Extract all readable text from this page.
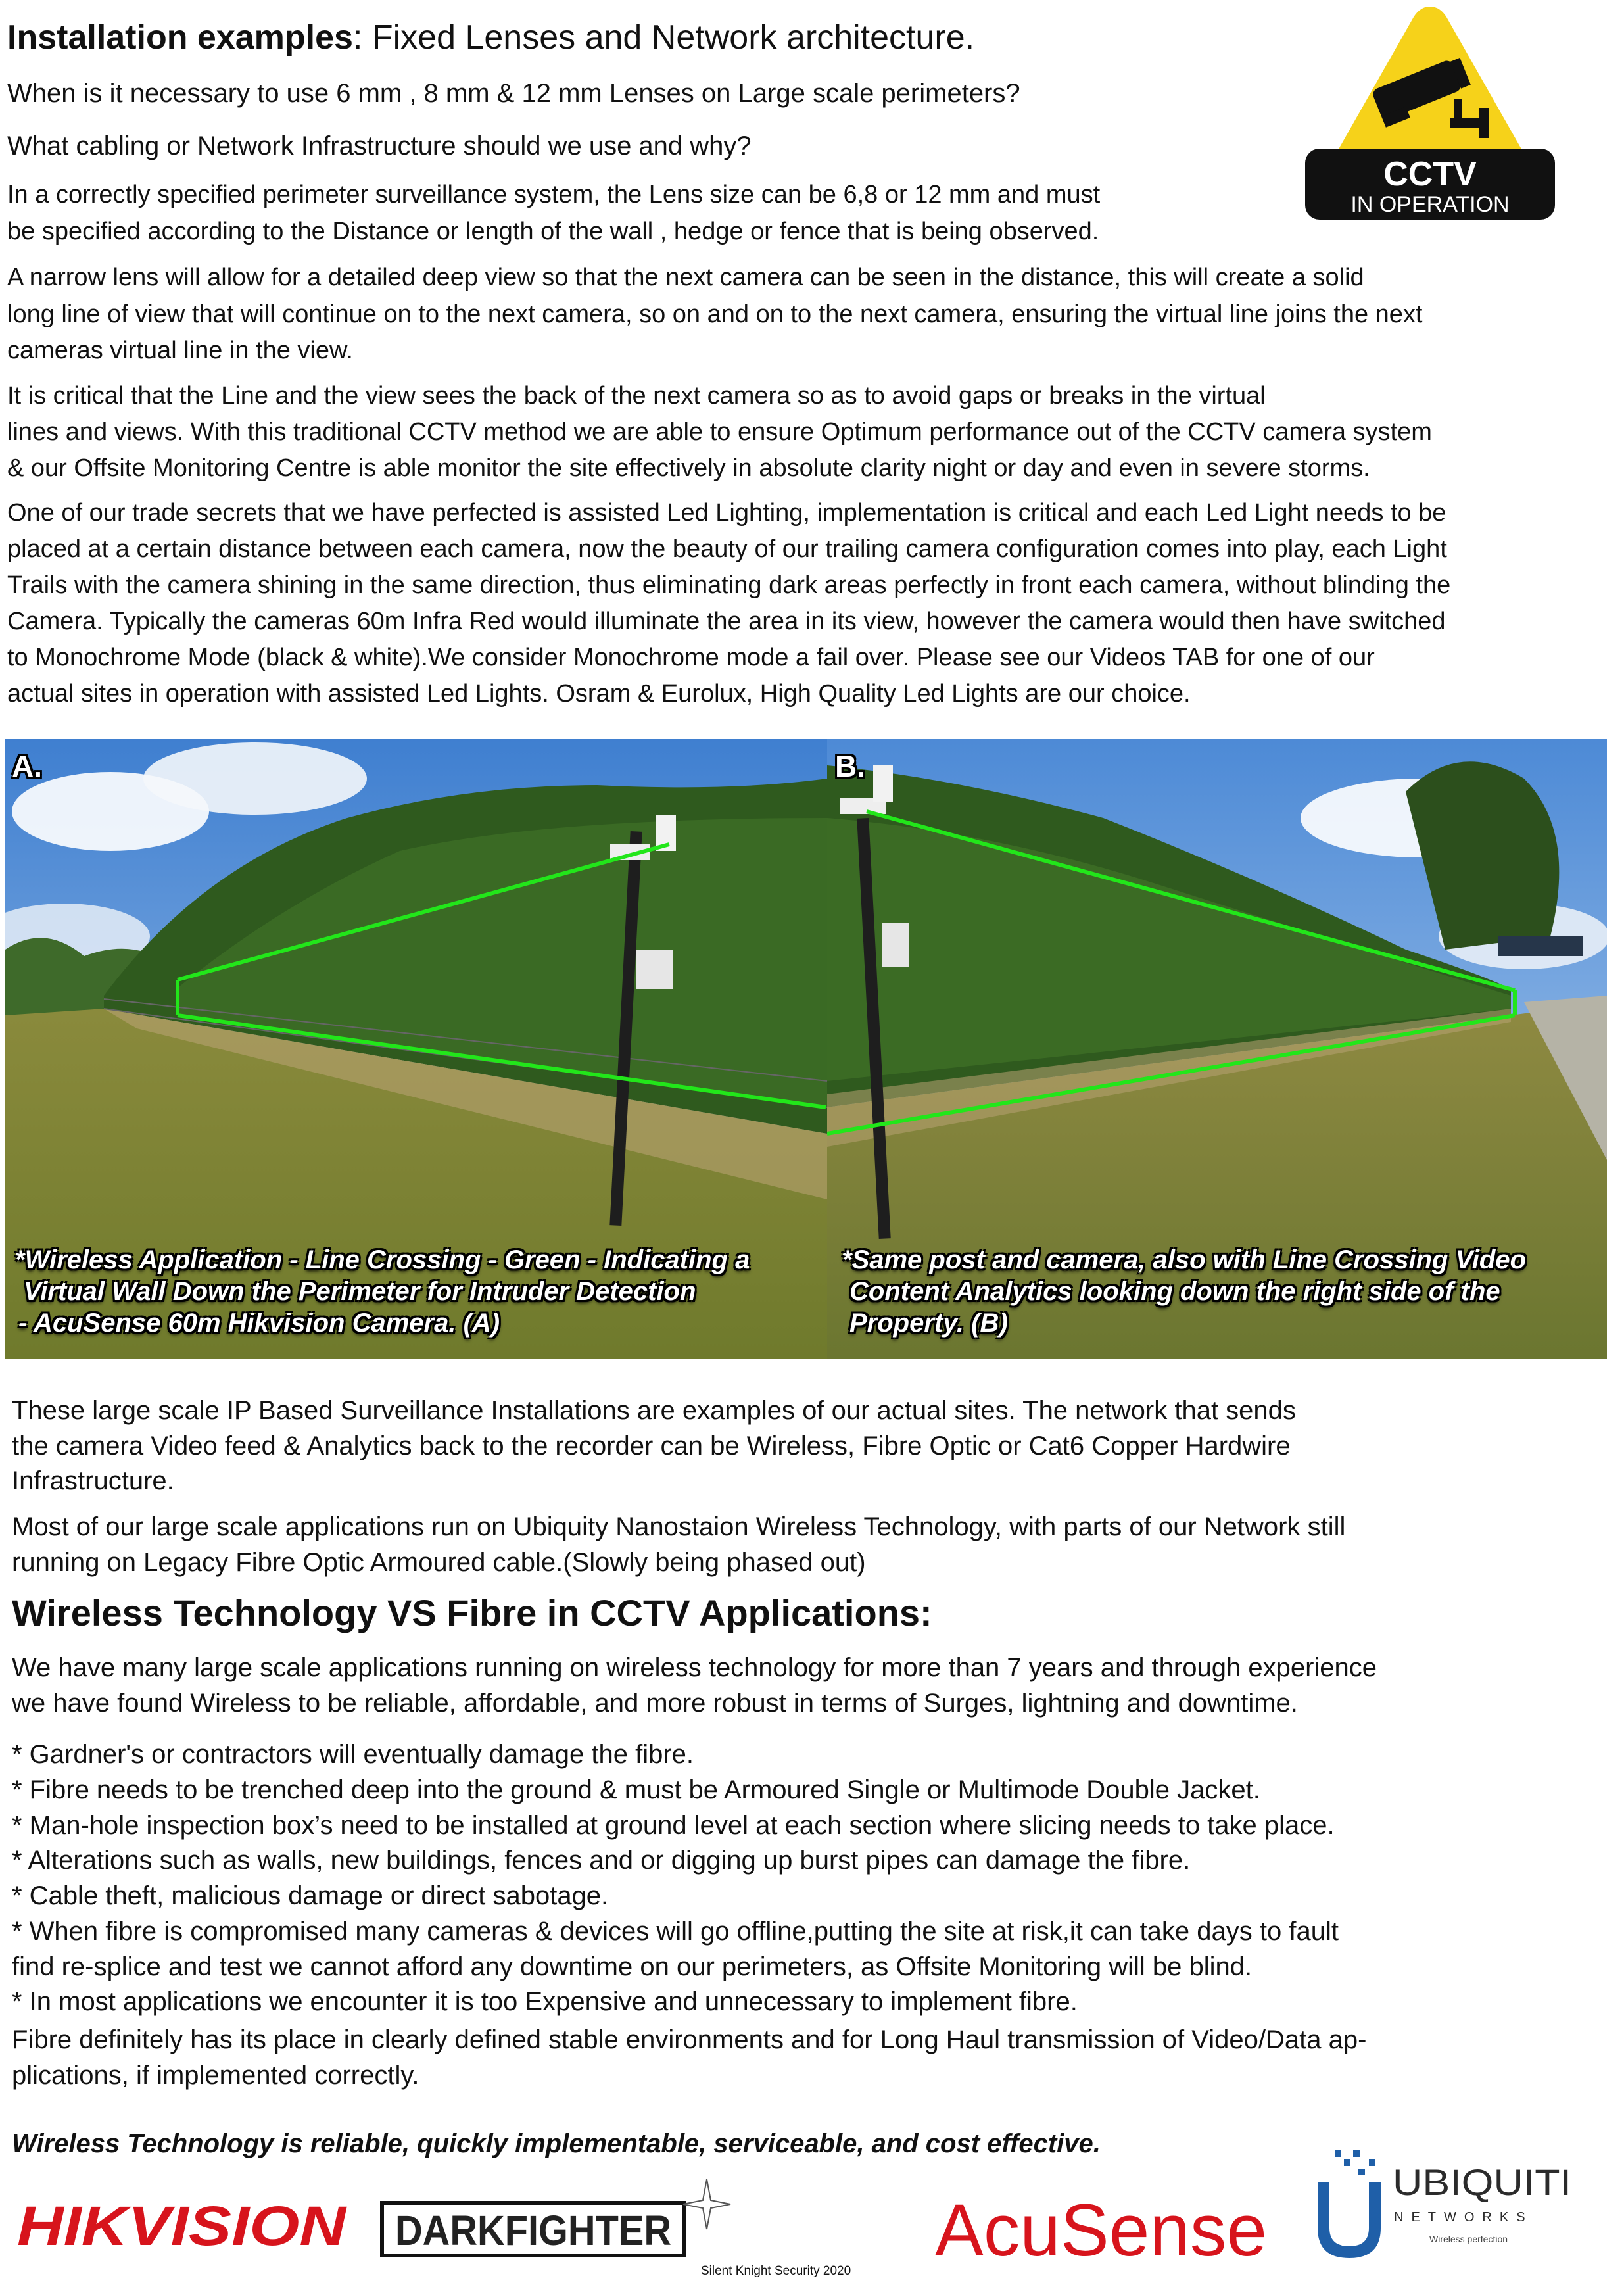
Installation examples: Fixed Lenses and Network architecture.

When is it necessary to use 6 mm , 8 mm & 12 mm Lenses on Large scale perimeters?

What cabling or Network Infrastructure should we use and why?

CCTV
IN OPERATION

In a correctly specified perimeter surveillance system, the Lens size can be 6,8 or 12 mm and must

be specified according to the Distance or length of the wall , hedge or fence that is being observed.

A narrow lens will allow for a detailed deep view so that the next camera can be seen in the distance, this will create a solid

long line of view that will continue on to the next camera, so on and on to the next camera, ensuring the virtual line joins the next

cameras virtual line in the view.

It is critical that the Line and the view sees the back of the next camera so as to avoid gaps or breaks in the virtual

lines and views. With this traditional CCTV method we are able to ensure Optimum performance out of the CCTV camera system

& our Offsite Monitoring Centre is able monitor the site effectively in absolute clarity night or day and even in severe storms.

One of our trade secrets that we have perfected is assisted Led Lighting, implementation is critical and each Led Light needs to be

placed at a certain distance between each camera, now the beauty of our trailing camera configuration comes into play, each Light

Trails with the camera shining in the same direction, thus eliminating dark areas perfectly in front each camera, without blinding the

Camera. Typically the cameras 60m Infra Red would illuminate the area in its view, however the camera would then have switched

to Monochrome Mode (black & white).We consider Monochrome mode a fail over. Please see our Videos TAB for one of our

actual sites in operation with assisted Led Lights. Osram & Eurolux, High Quality Led Lights are our choice.

A.
*Wireless Application - Line Crossing - Green - Indicating a
Virtual Wall Down the Perimeter for Intruder Detection
- AcuSense 60m Hikvision Camera. (A)
B.
*Same post and camera, also with Line Crossing Video
Content Analytics looking down the right side of the
Property. (B)

These large scale IP Based Surveillance Installations are examples of our actual sites. The network that sends

the camera Video feed & Analytics back to the recorder can be Wireless, Fibre Optic or Cat6 Copper Hardwire

Infrastructure.

Most of our large scale applications run on Ubiquity Nanostaion Wireless Technology, with parts of our Network still

running on Legacy Fibre Optic Armoured cable.(Slowly being phased out)

Wireless Technology VS Fibre in CCTV Applications:

We have many large scale applications running on wireless technology for more than 7 years and through experience

we have found Wireless to be reliable, affordable, and more robust in terms of Surges, lightning and downtime.

* Gardner's or contractors will eventually damage the fibre.

* Fibre needs to be trenched deep into the ground & must be Armoured Single or Multimode Double Jacket.

* Man-hole inspection box’s need to be installed at ground level at each section where slicing needs to take place.

* Alterations such as walls, new buildings, fences and or digging up burst pipes can damage the fibre.

* Cable theft, malicious damage or direct sabotage.

* When fibre is compromised many cameras & devices will go offline,putting the site at risk,it can take days to fault

find re-splice and test we cannot afford any downtime on our perimeters, as Offsite Monitoring will be blind.

* In most applications we encounter it is too Expensive and unnecessary to implement fibre.

Fibre definitely has its place in clearly defined stable environments and for Long Haul transmission of Video/Data ap-

plications, if implemented correctly.

Wireless Technology is reliable, quickly implementable, serviceable, and cost effective.

HIKVISION DARKFIGHTER	AcuSense
UBIQUITI
NETWORKS
Wireless perfection
Silent Knight Security 2020
